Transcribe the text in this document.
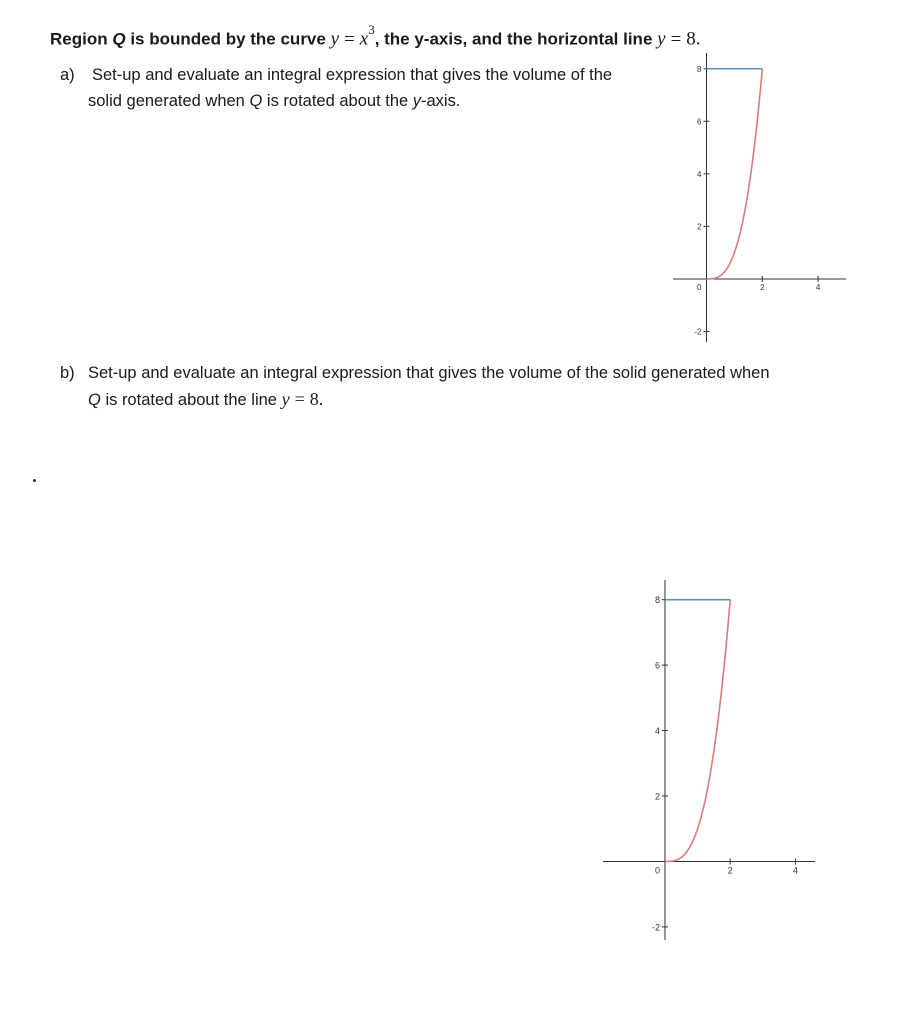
Region Q is bounded by the curve $y = x^3$, the y-axis, and the horizontal line y = 8.
a) Set-up and evaluate an integral expression that gives the volume of the
solid generated when Q is rotated about the y-axis.
b) Set-up and evaluate an integral expression that gives the volume of the solid generated when
Q is rotated about the line y = 8.
8
6
4
2
-2
2	4
0
8
6
4
2
-2
2	4
0
